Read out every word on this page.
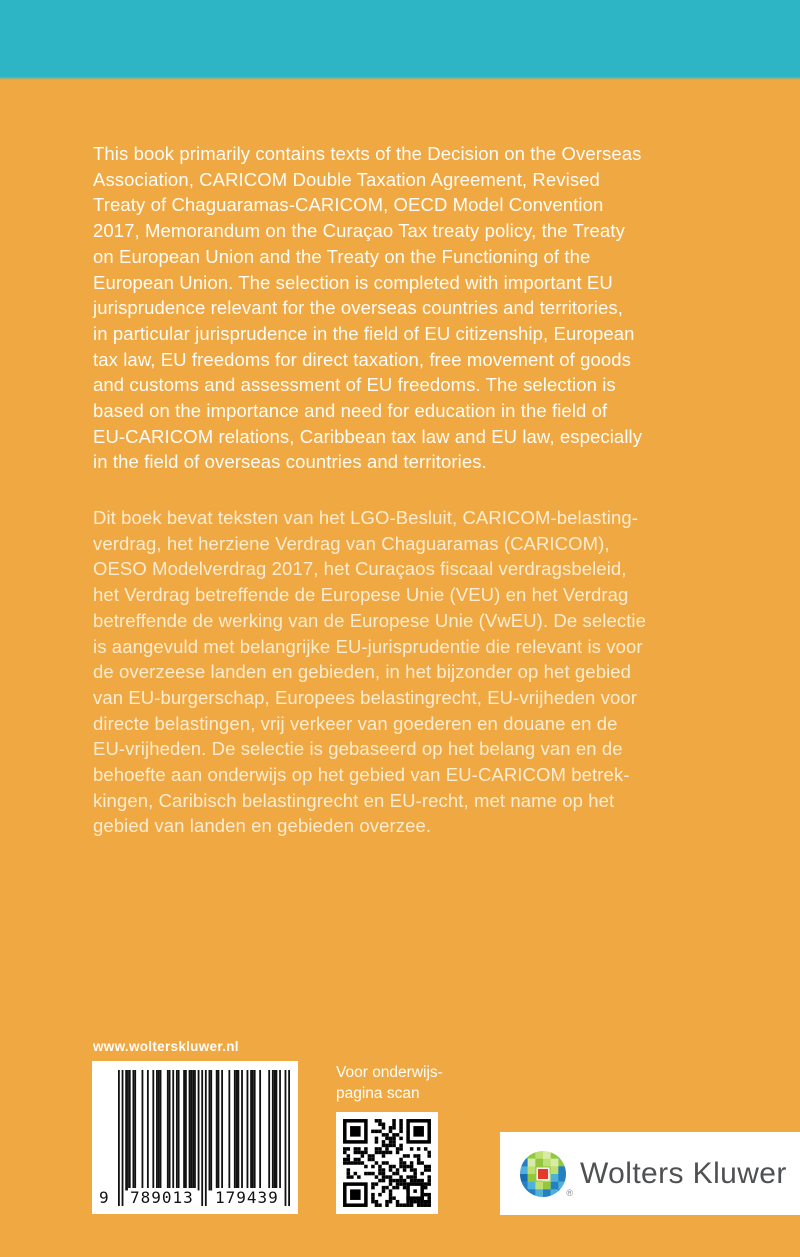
This book primarily contains texts of the Decision on the Overseas
Association, CARICOM Double Taxation Agreement, Revised
Treaty of Chaguaramas-CARICOM, OECD Model Convention
2017, Memorandum on the Curaçao Tax treaty policy, the Treaty
on European Union and the Treaty on the Functioning of the
European Union. The selection is completed with important EU
jurisprudence relevant for the overseas countries and territories,
in particular jurisprudence in the field of EU citizenship, European
tax law, EU freedoms for direct taxation, free movement of goods
and customs and assessment of EU freedoms. The selection is
based on the importance and need for education in the field of
EU-CARICOM relations, Caribbean tax law and EU law, especially
in the field of overseas countries and territories.
Dit boek bevat teksten van het LGO-Besluit, CARICOM-belasting-
verdrag, het herziene Verdrag van Chaguaramas (CARICOM),
OESO Modelverdrag 2017, het Curaçaos fiscaal verdragsbeleid,
het Verdrag betreffende de Europese Unie (VEU) en het Verdrag
betreffende de werking van de Europese Unie (VwEU). De selectie
is aangevuld met belangrijke EU-jurisprudentie die relevant is voor
de overzeese landen en gebieden, in het bijzonder op het gebied
van EU-burgerschap, Europees belastingrecht, EU-vrijheden voor
directe belastingen, vrij verkeer van goederen en douane en de
EU-vrijheden. De selectie is gebaseerd op het belang van en de
behoefte aan onderwijs op het gebied van EU-CARICOM betrek-
kingen, Caribisch belastingrecht en EU-recht, met name op het
gebied van landen en gebieden overzee.
www.wolterskluwer.nl
9 789013 179439
Voor onderwijs-
pagina scan
®
Wolters Kluwer
